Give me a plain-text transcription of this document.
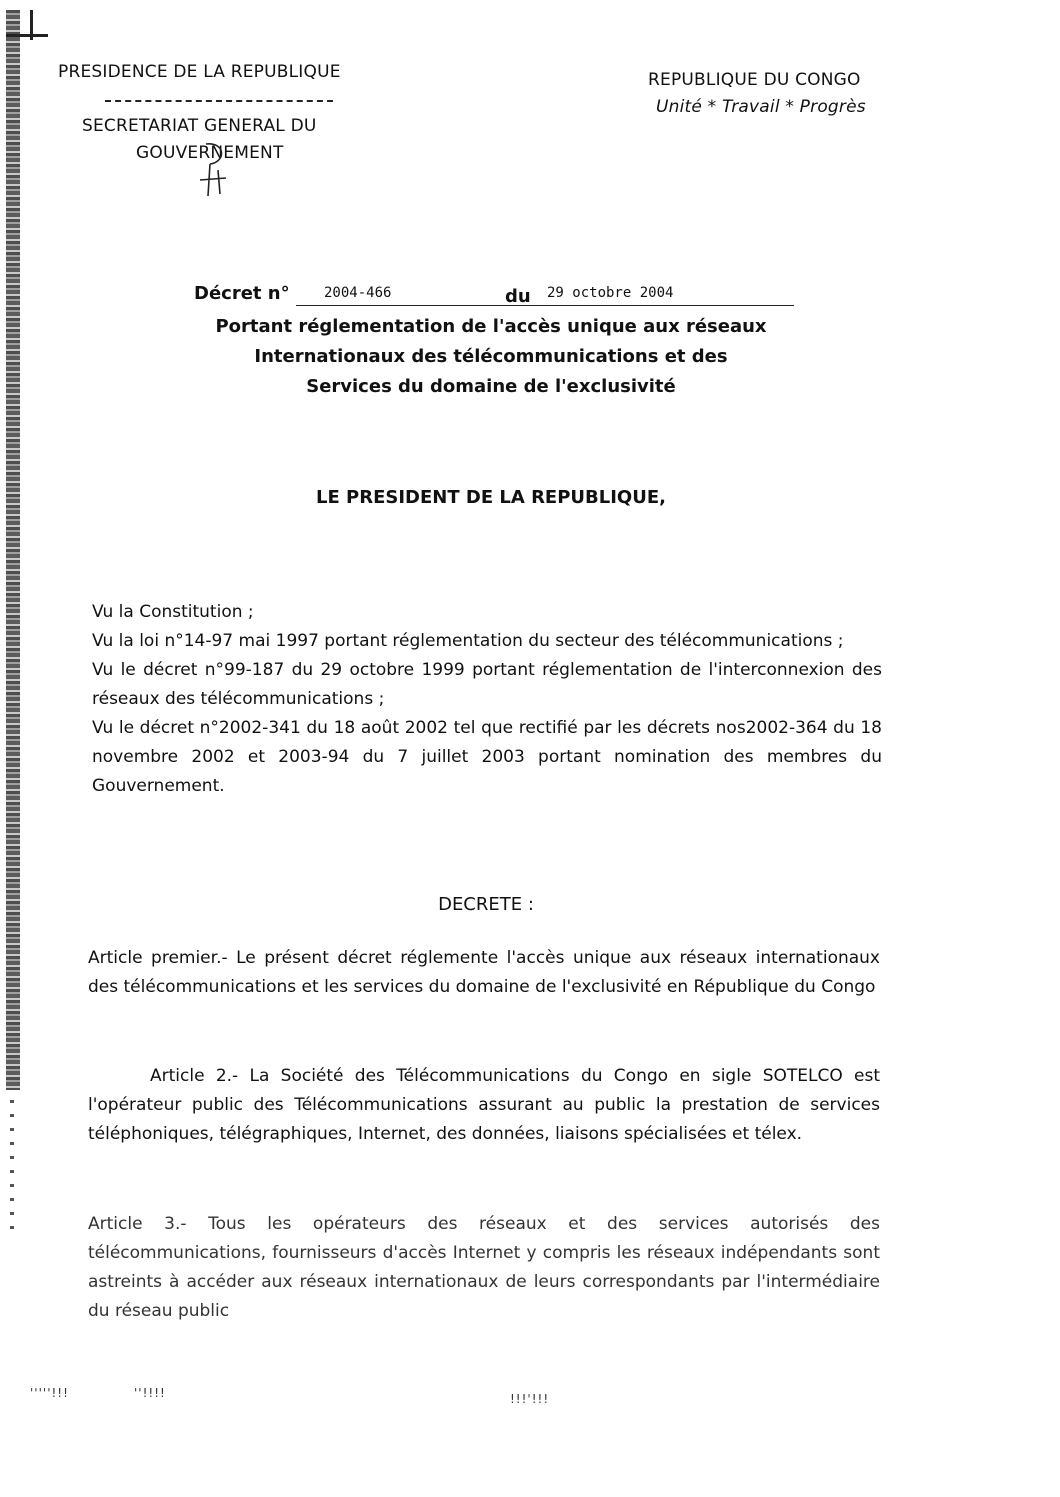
PRESIDENCE DE LA REPUBLIQUE
SECRETARIAT GENERAL DU
GOUVERNEMENT
REPUBLIQUE DU CONGO
Unité * Travail * Progrès
Décret n° 2004-466	du 29 octobre 2004
Portant réglementation de l'accès unique aux réseaux
Internationaux des télécommunications et des
Services du domaine de l'exclusivité
LE PRESIDENT DE LA REPUBLIQUE,

Vu la Constitution ;

Vu la loi n°14-97 mai 1997 portant réglementation du secteur des télécommunications ;

Vu le décret n°99-187 du 29 octobre 1999 portant réglementation de l'interconnexion des réseaux des télécommunications ;

Vu le décret n°2002-341 du 18 août 2002 tel que rectifié par les décrets nos2002-364 du 18 novembre 2002 et 2003-94 du 7 juillet 2003 portant nomination des membres du Gouvernement.

DECRETE :
Article premier.- Le présent décret réglemente l'accès unique aux réseaux internationaux des télécommunications et les services du domaine de l'exclusivité en République du Congo
Article 2.- La Société des Télécommunications du Congo en sigle SOTELCO est l'opérateur public des Télécommunications assurant au public la prestation de services téléphoniques, télégraphiques, Internet, des données, liaisons spécialisées et télex.
Article 3.- Tous les opérateurs des réseaux et des services autorisés des télécommunications, fournisseurs d'accès Internet y compris les réseaux indépendants sont astreints à accéder aux réseaux internationaux de leurs correspondants par l'intermédiaire du réseau public
'''''!!!	''!!!!	!!!'!!!
